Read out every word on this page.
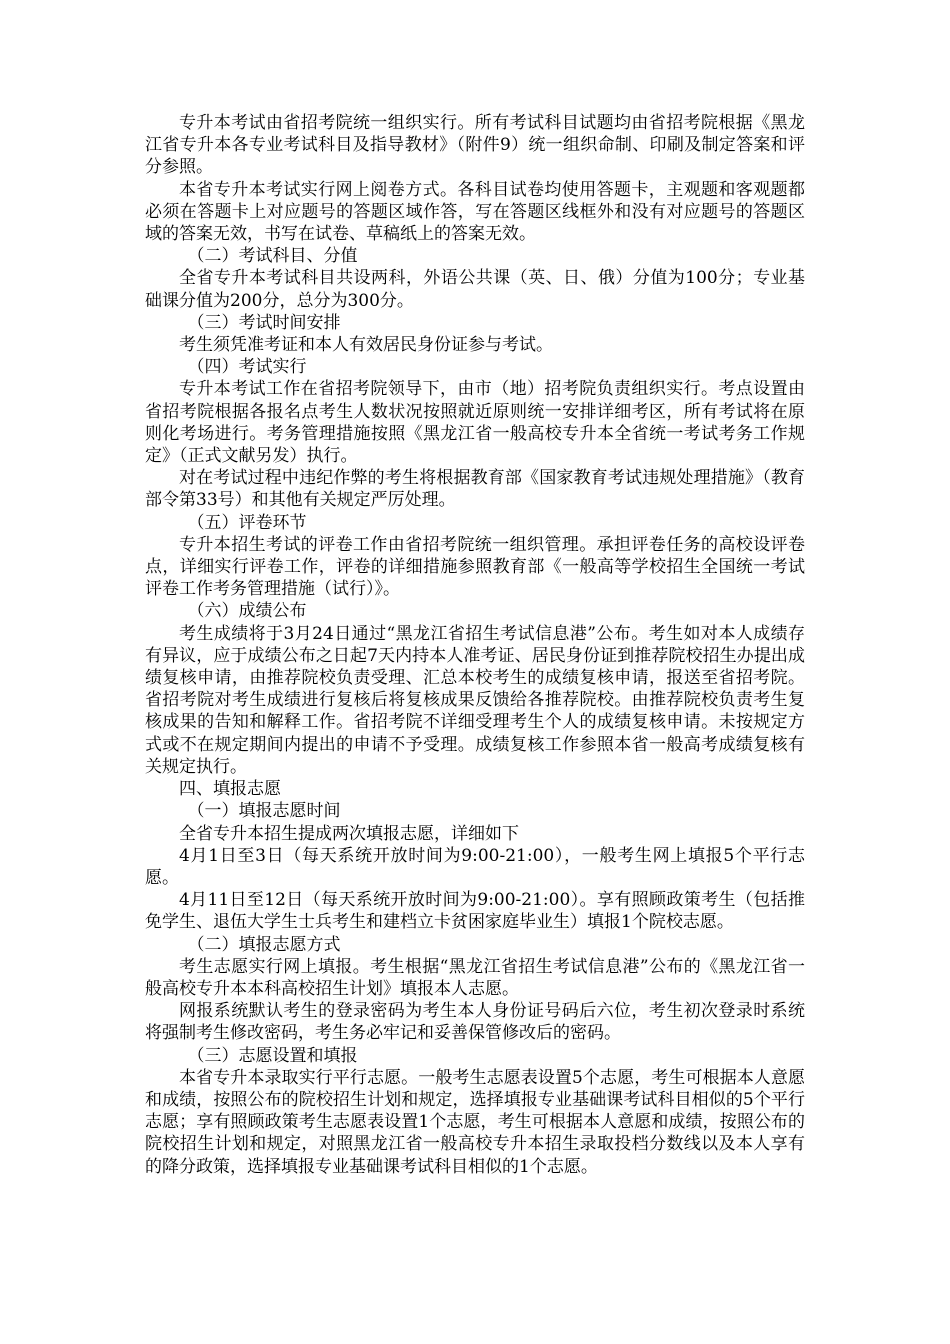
专升本考试由省招考院统一组织实行。所有考试科目试题均由省招考院根据《黑龙江省专升本各专业考试科目及指导教材》（附件9）统一组织命制、印刷及制定答案和评分参照。

本省专升本考试实行网上阅卷方式。各科目试卷均使用答题卡，主观题和客观题都必须在答题卡上对应题号的答题区域作答，写在答题区线框外和没有对应题号的答题区域的答案无效，书写在试卷、草稿纸上的答案无效。

（二）考试科目、分值

全省专升本考试科目共设两科，外语公共课（英、日、俄）分值为100分；专业基础课分值为200分，总分为300分。

（三）考试时间安排

考生须凭准考证和本人有效居民身份证参与考试。

（四）考试实行

专升本考试工作在省招考院领导下，由市（地）招考院负责组织实行。考点设置由省招考院根据各报名点考生人数状况按照就近原则统一安排详细考区，所有考试将在原则化考场进行。考务管理措施按照《黑龙江省一般高校专升本全省统一考试考务工作规定》（正式文献另发）执行。

对在考试过程中违纪作弊的考生将根据教育部《国家教育考试违规处理措施》（教育部令第33号）和其他有关规定严厉处理。

（五）评卷环节

专升本招生考试的评卷工作由省招考院统一组织管理。承担评卷任务的高校设评卷点，详细实行评卷工作，评卷的详细措施参照教育部《一般高等学校招生全国统一考试评卷工作考务管理措施（试行）》。

（六）成绩公布

考生成绩将于3月24日通过“黑龙江省招生考试信息港”公布。考生如对本人成绩存有异议，应于成绩公布之日起7天内持本人准考证、居民身份证到推荐院校招生办提出成绩复核申请，由推荐院校负责受理、汇总本校考生的成绩复核申请，报送至省招考院。省招考院对考生成绩进行复核后将复核成果反馈给各推荐院校。由推荐院校负责考生复核成果的告知和解释工作。省招考院不详细受理考生个人的成绩复核申请。未按规定方式或不在规定期间内提出的申请不予受理。成绩复核工作参照本省一般高考成绩复核有关规定执行。

四、填报志愿

（一）填报志愿时间

全省专升本招生提成两次填报志愿，详细如下

4月1日至3日（每天系统开放时间为9:00-21:00），一般考生网上填报5个平行志愿。

4月11日至12日（每天系统开放时间为9:00-21:00）。享有照顾政策考生（包括推免学生、退伍大学生士兵考生和建档立卡贫困家庭毕业生）填报1个院校志愿。

（二）填报志愿方式

考生志愿实行网上填报。考生根据“黑龙江省招生考试信息港”公布的《黑龙江省一般高校专升本本科高校招生计划》填报本人志愿。

网报系统默认考生的登录密码为考生本人身份证号码后六位，考生初次登录时系统将强制考生修改密码，考生务必牢记和妥善保管修改后的密码。

（三）志愿设置和填报

本省专升本录取实行平行志愿。一般考生志愿表设置5个志愿，考生可根据本人意愿和成绩，按照公布的院校招生计划和规定，选择填报专业基础课考试科目相似的5个平行志愿；享有照顾政策考生志愿表设置1个志愿，考生可根据本人意愿和成绩，按照公布的院校招生计划和规定，对照黑龙江省一般高校专升本招生录取投档分数线以及本人享有的降分政策，选择填报专业基础课考试科目相似的1个志愿。
